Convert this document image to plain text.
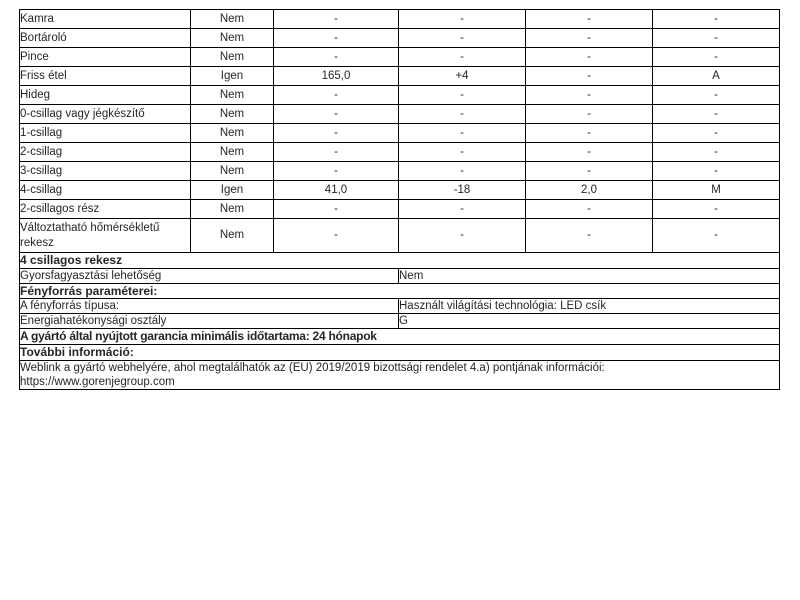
Kamra	Nem	-	-	-	-
Bortároló	Nem	-	-	-	-
Pince	Nem	-	-	-	-
Friss étel	Igen	165,0	+4	-	A
Hideg	Nem	-	-	-	-
0-csillag vagy jégkészítő	Nem	-	-	-	-
1-csillag	Nem	-	-	-	-
2-csillag	Nem	-	-	-	-
3-csillag	Nem	-	-	-	-
4-csillag	Igen	41,0	-18	2,0	M
2-csillagos rész	Nem	-	-	-	-
Változtatható hőmérsékletű rekesz	Nem	-	-	-	-
4 csillagos rekesz					
Gyorsfagyasztási lehetőség			Nem		
Fényforrás paraméterei:					
A fényforrás típusa:			Használt világítási technológia: LED csík		
Energiahatékonysági osztály			G		
A gyártó által nyújtott garancia minimális időtartama: 24 hónapok					
További információ:					

Weblink a gyártó webhelyére, ahol megtalálhatók az (EU) 2019/2019 bizottsági rendelet 4.a) pontjának információi:
https://www.gorenjegroup.com					
